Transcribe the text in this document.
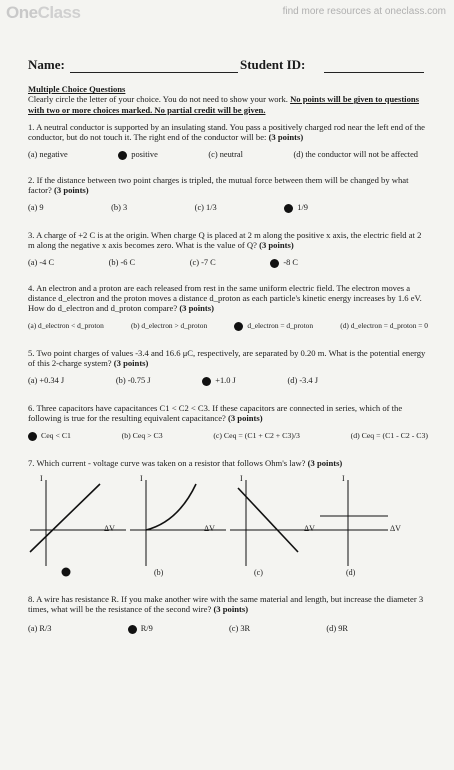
OneClass	find more resources at oneclass.com
Name:	Student ID:
Multiple Choice Questions
Clearly circle the letter of your choice. You do not need to show your work. No points will be given to questions with two or more choices marked. No partial credit will be given.
1. A neutral conductor is supported by an insulating stand. You pass a positively charged rod near the left end of the conductor, but do not touch it. The right end of the conductor will be: (3 points)
(a) negative	positive	(c) neutral	(d) the conductor will not be affected
2. If the distance between two point charges is tripled, the mutual force between them will be changed by what factor? (3 points)
(a) 9	(b) 3	(c) 1/3	1/9
3. A charge of +2 C is at the origin. When charge Q is placed at 2 m along the positive x axis, the electric field at 2 m along the negative x axis becomes zero. What is the value of Q? (3 points)
(a) -4 C	(b) -6 C	(c) -7 C	-8 C
4. An electron and a proton are each released from rest in the same uniform electric field. The electron moves a distance d_electron and the proton moves a distance d_proton as each particle's kinetic energy increases by 1.6 eV. How do d_electron and d_proton compare? (3 points)
(a) d_electron < d_proton	(b) d_electron > d_proton	d_electron = d_proton	(d) d_electron = d_proton = 0
5. Two point charges of values -3.4 and 16.6 μC, respectively, are separated by 0.20 m. What is the potential energy of this 2-charge system? (3 points)
(a) +0.34 J	(b) -0.75 J	+1.0 J	(d) -3.4 J
6. Three capacitors have capacitances C1 < C2 < C3. If these capacitors are connected in series, which of the following is true for the resulting equivalent capacitance? (3 points)
Ceq < C1	(b) Ceq > C3	(c) Ceq = (C1 + C2 + C3)/3	(d) Ceq = (C1 - C2 - C3)
7. Which current - voltage curve was taken on a resistor that follows Ohm's law? (3 points)
I	I	I	I
ΔV	ΔV	ΔV	ΔV
(b)	(c)	(d)
8. A wire has resistance R. If you make another wire with the same material and length, but increase the diameter 3 times, what will be the resistance of the second wire? (3 points)
(a) R/3	R/9	(c) 3R	(d) 9R
